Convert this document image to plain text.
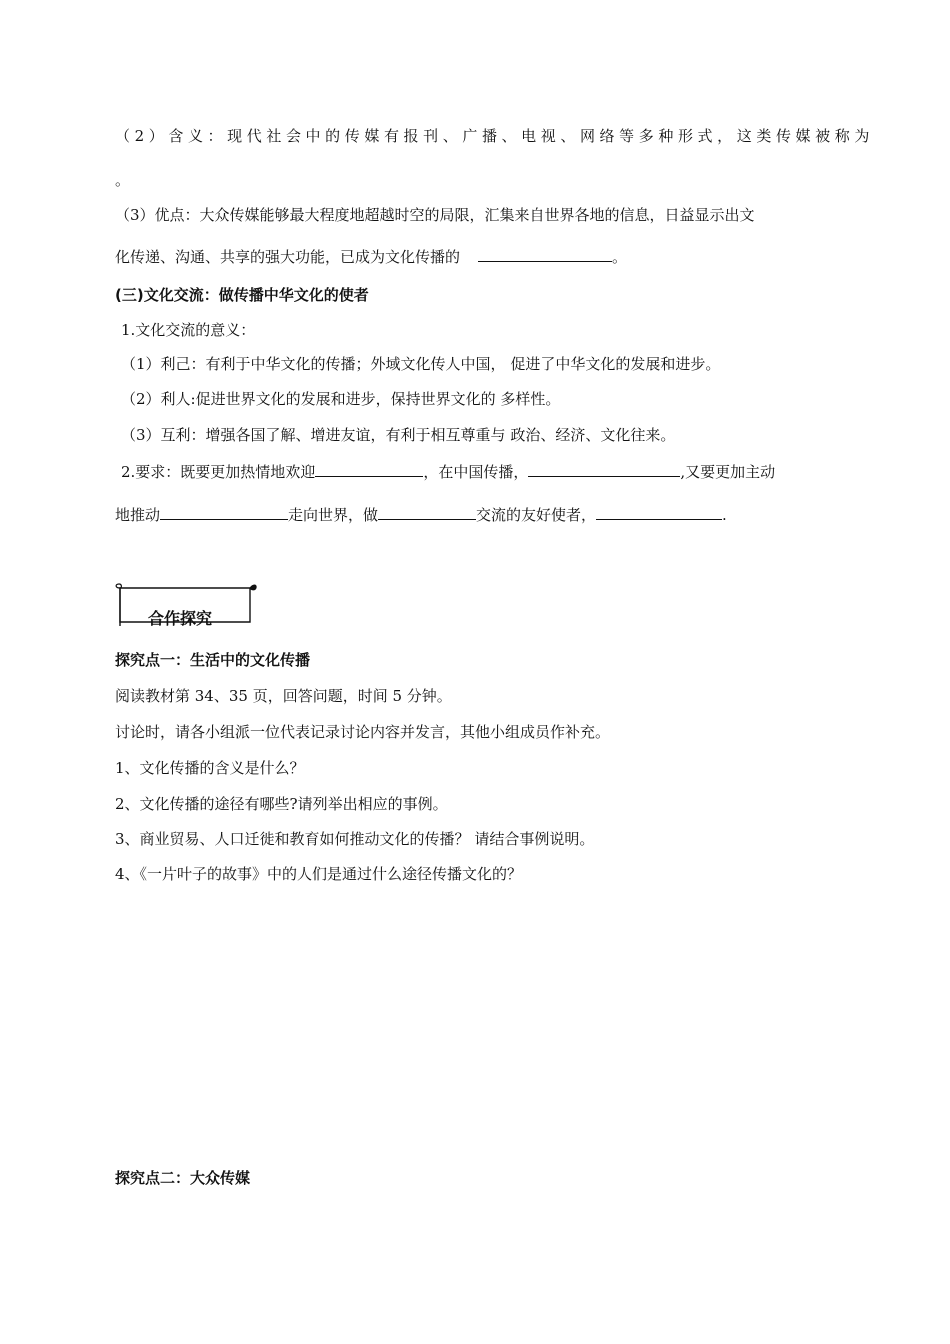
（2）含义：现代社会中的传媒有报刊、广播、电视、网络等多种形式，这类传媒被称为
。
（3）优点：大众传媒能够最大程度地超越时空的局限，汇集来自世界各地的信息，日益显示出文
化传递、沟通、共享的强大功能，已成为文化传播的	。
(三)文化交流：做传播中华文化的使者
1.文化交流的意义：
（1）利己：有利于中华文化的传播；外域文化传人中国， 促进了中华文化的发展和进步。
（2）利人:促进世界文化的发展和进步，保持世界文化的 多样性。
（3）互利：增强各国了解、增进友谊，有利于相互尊重与 政治、经济、文化往来。
2.要求：既要更加热情地欢迎	，在中国传播，	,又要更加主动
地推动	走向世界，做	交流的友好使者，	.
合作探究
探究点一：生活中的文化传播
阅读教材第 34、35 页，回答问题，时间 5 分钟。
讨论时，请各小组派一位代表记录讨论内容并发言，其他小组成员作补充。
1、文化传播的含义是什么？
2、文化传播的途径有哪些?请列举出相应的事例。
3、商业贸易、人口迁徙和教育如何推动文化的传播？ 请结合事例说明。
4、《一片叶子的故事》中的人们是通过什么途径传播文化的？
探究点二：大众传媒
